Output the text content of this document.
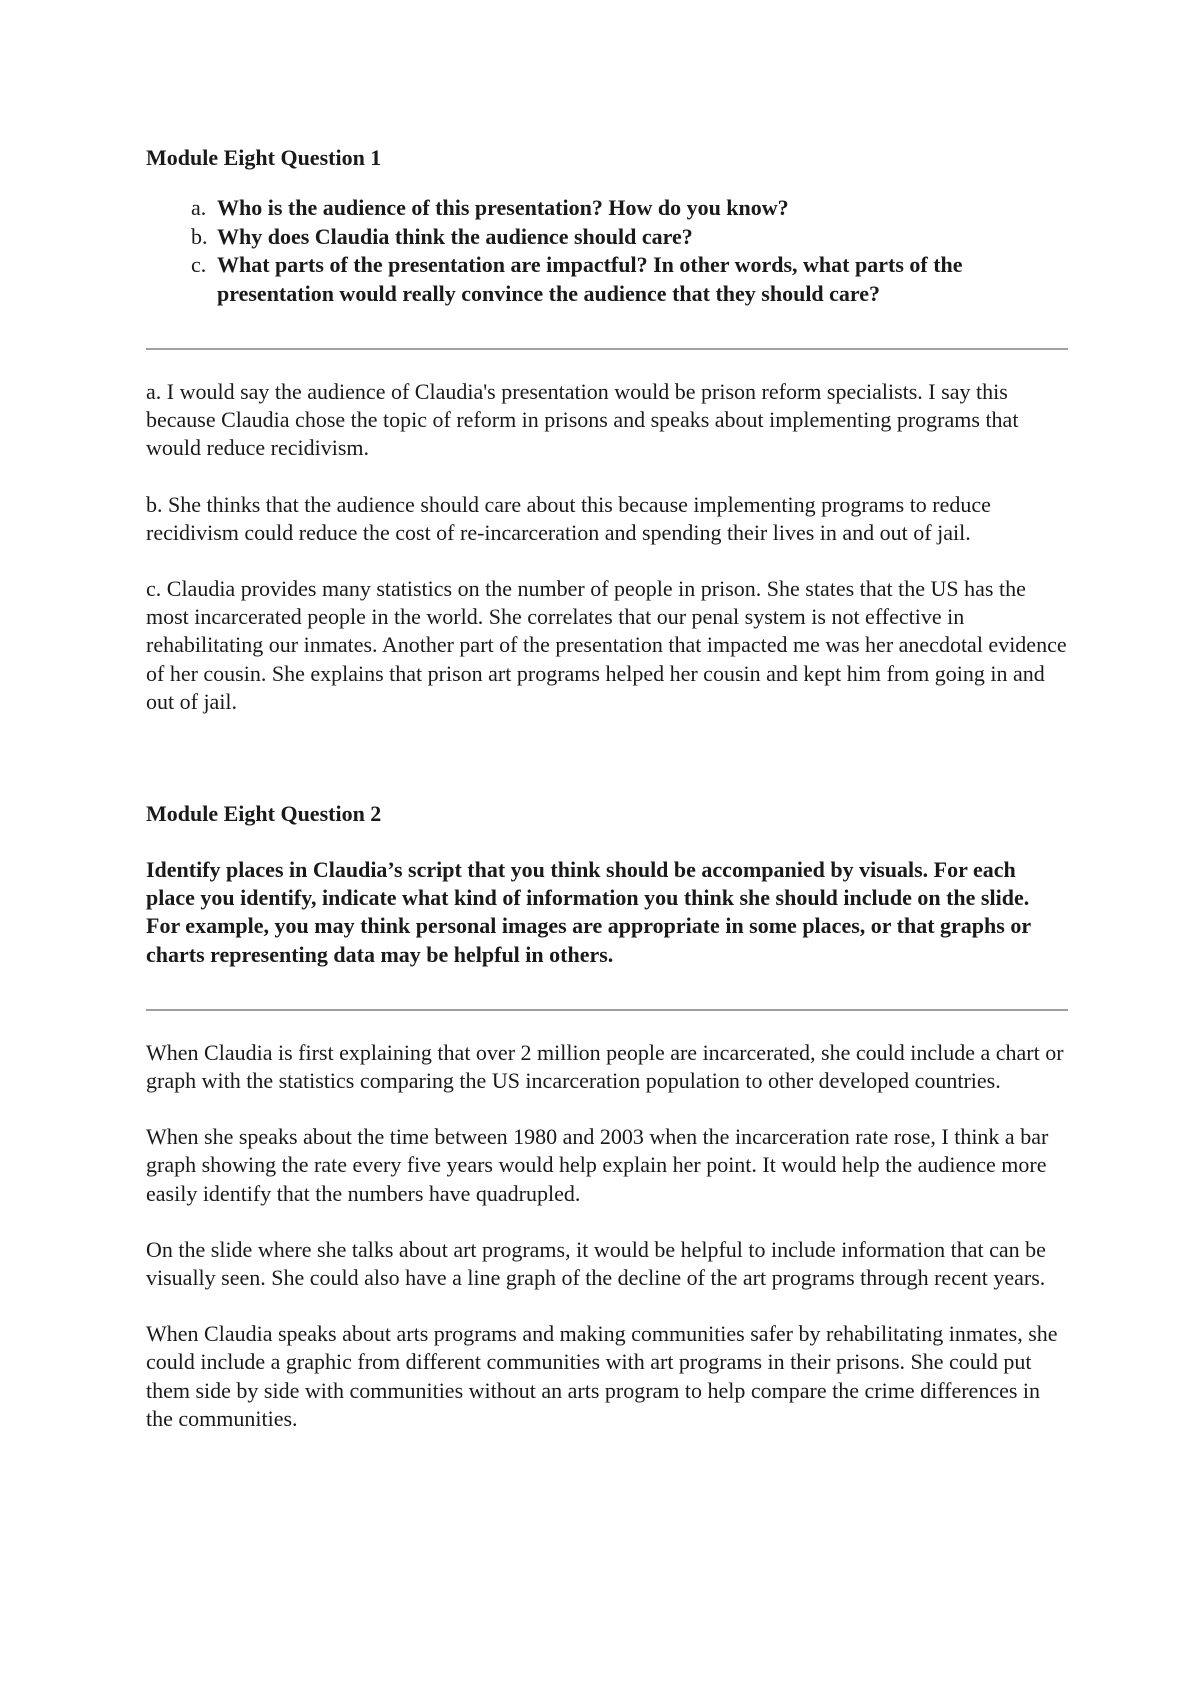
Module Eight Question 1
a. Who is the audience of this presentation? How do you know?
b. Why does Claudia think the audience should care?
c. What parts of the presentation are impactful? In other words, what parts of the presentation would really convince the audience that they should care?

a. I would say the audience of Claudia's presentation would be prison reform specialists. I say this because Claudia chose the topic of reform in prisons and speaks about implementing programs that would reduce recidivism.

b. She thinks that the audience should care about this because implementing programs to reduce recidivism could reduce the cost of re-incarceration and spending their lives in and out of jail.

c. Claudia provides many statistics on the number of people in prison. She states that the US has the most incarcerated people in the world. She correlates that our penal system is not effective in rehabilitating our inmates. Another part of the presentation that impacted me was her anecdotal evidence of her cousin. She explains that prison art programs helped her cousin and kept him from going in and out of jail.

Module Eight Question 2

Identify places in Claudia’s script that you think should be accompanied by visuals. For each place you identify, indicate what kind of information you think she should include on the slide. For example, you may think personal images are appropriate in some places, or that graphs or charts representing data may be helpful in others.

When Claudia is first explaining that over 2 million people are incarcerated, she could include a chart or graph with the statistics comparing the US incarceration population to other developed countries.

When she speaks about the time between 1980 and 2003 when the incarceration rate rose, I think a bar graph showing the rate every five years would help explain her point. It would help the audience more easily identify that the numbers have quadrupled.

On the slide where she talks about art programs, it would be helpful to include information that can be visually seen. She could also have a line graph of the decline of the art programs through recent years.

When Claudia speaks about arts programs and making communities safer by rehabilitating inmates, she could include a graphic from different communities with art programs in their prisons. She could put them side by side with communities without an arts program to help compare the crime differences in the communities.
